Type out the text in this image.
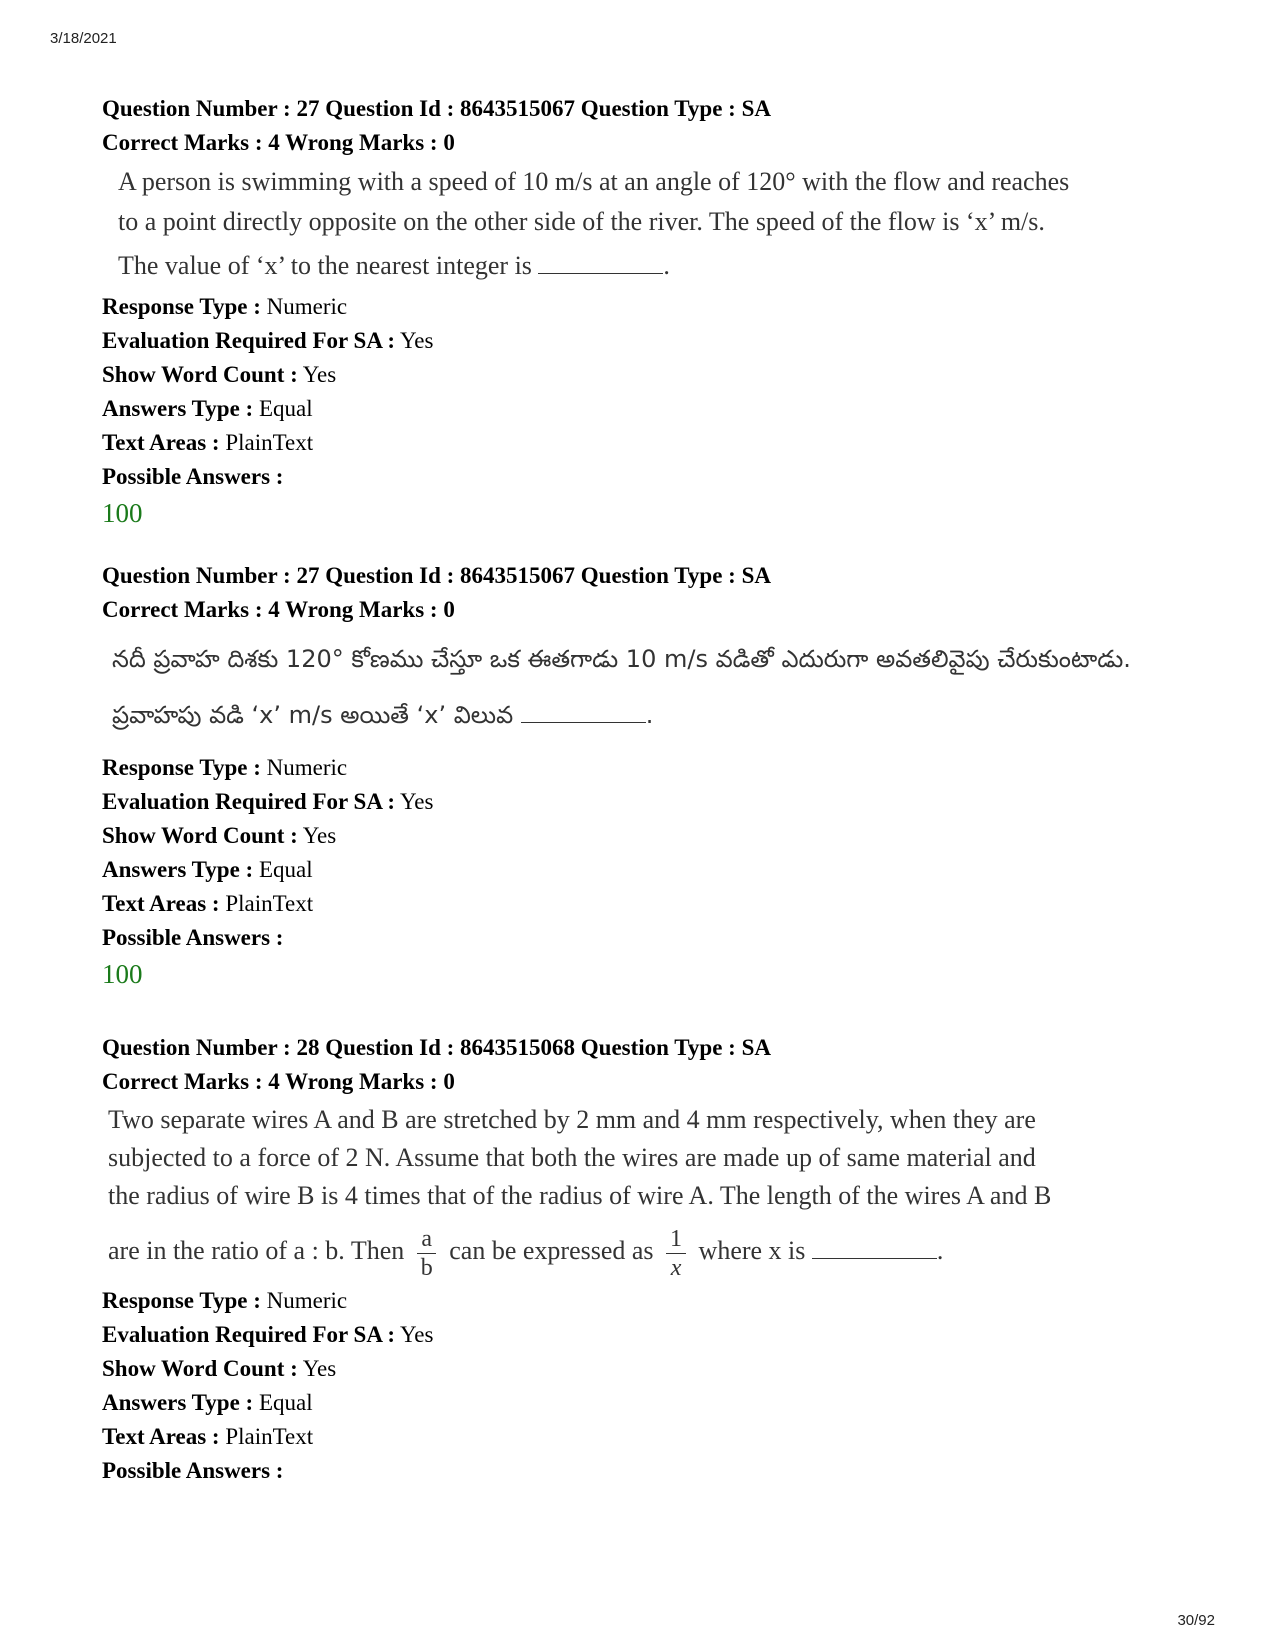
3/18/2021
Question Number : 27 Question Id : 8643515067 Question Type : SA
Correct Marks : 4 Wrong Marks : 0

A person is swimming with a speed of 10 m/s at an angle of 120° with the flow and reaches

to a point directly opposite on the other side of the river. The speed of the flow is ‘x’ m/s.

The value of ‘x’ to the nearest integer is	.

Response Type : Numeric
Evaluation Required For SA : Yes
Show Word Count : Yes
Answers Type : Equal
Text Areas : PlainText
Possible Answers :
100
Question Number : 27 Question Id : 8643515067 Question Type : SA
Correct Marks : 4 Wrong Marks : 0
నదీ ప్రవాహ దిశకు 120° కోణము చేస్తూ ఒక ఈతగాడు 10 m/s వడితో ఎదురుగా అవతలివైపు చేరుకుంటాడు.
ప్రవాహపు వడి ‘x’ m/s అయితే ‘x’ విలువ	.
Response Type : Numeric
Evaluation Required For SA : Yes
Show Word Count : Yes
Answers Type : Equal
Text Areas : PlainText
Possible Answers :
100
Question Number : 28 Question Id : 8643515068 Question Type : SA
Correct Marks : 4 Wrong Marks : 0

Two separate wires A and B are stretched by 2 mm and 4 mm respectively, when they are

subjected to a force of 2 N. Assume that both the wires are made up of same material and

the radius of wire B is 4 times that of the radius of wire A. The length of the wires A and B

are in the ratio of a : b. Then $\frac{a}{b}$ can be expressed as $\frac{1}{x}$ where x is	.

Response Type : Numeric
Evaluation Required For SA : Yes
Show Word Count : Yes
Answers Type : Equal
Text Areas : PlainText
Possible Answers :
30/92
